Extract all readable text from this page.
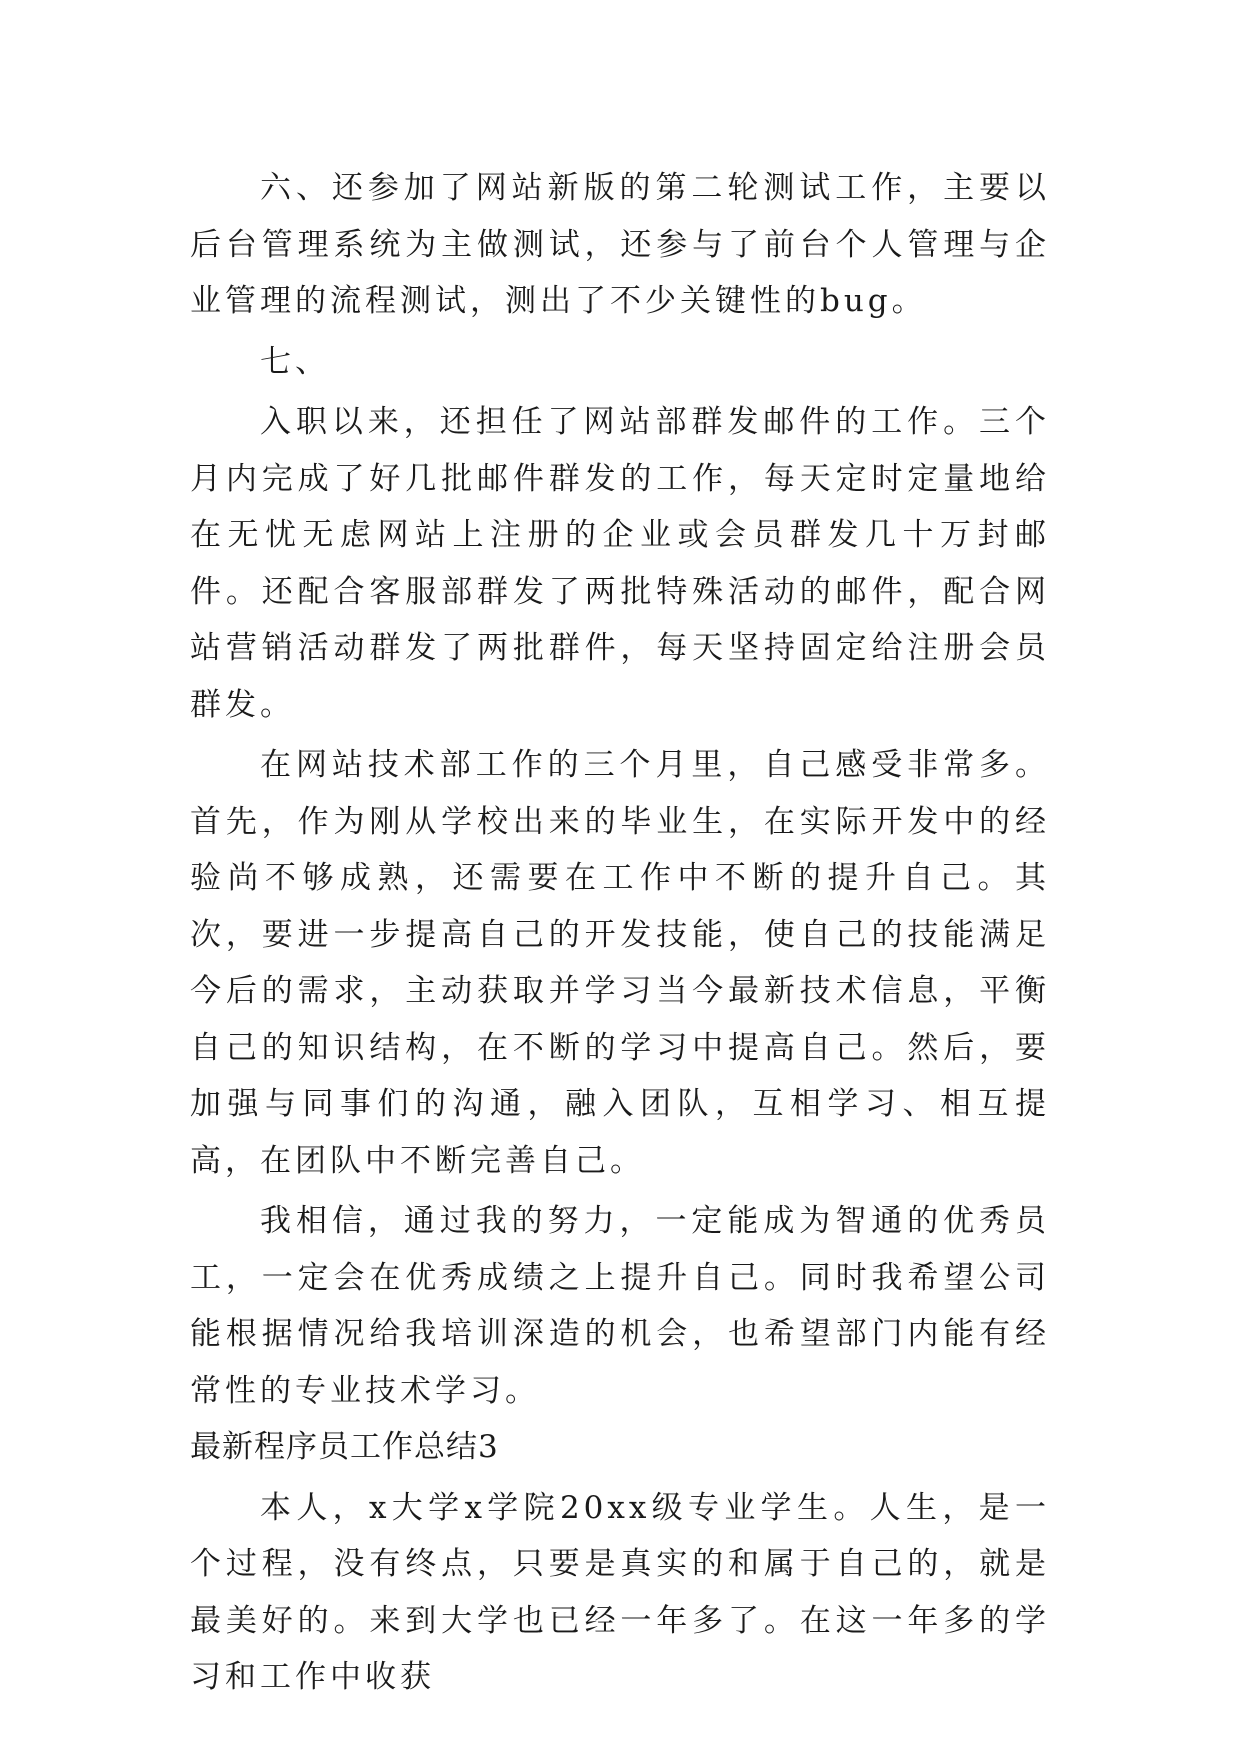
六、还参加了网站新版的第二轮测试工作，主要以后台管理系统为主做测试，还参与了前台个人管理与企业管理的流程测试，测出了不少关键性的bug。

七、

入职以来，还担任了网站部群发邮件的工作。三个月内完成了好几批邮件群发的工作，每天定时定量地给在无忧无虑网站上注册的企业或会员群发几十万封邮件。还配合客服部群发了两批特殊活动的邮件，配合网站营销活动群发了两批群件，每天坚持固定给注册会员群发。

在网站技术部工作的三个月里，自己感受非常多。首先，作为刚从学校出来的毕业生，在实际开发中的经验尚不够成熟，还需要在工作中不断的提升自己。其次，要进一步提高自己的开发技能，使自己的技能满足今后的需求，主动获取并学习当今最新技术信息，平衡自己的知识结构，在不断的学习中提高自己。然后，要加强与同事们的沟通，融入团队，互相学习、相互提高，在团队中不断完善自己。

我相信，通过我的努力，一定能成为智通的优秀员工，一定会在优秀成绩之上提升自己。同时我希望公司能根据情况给我培训深造的机会，也希望部门内能有经常性的专业技术学习。

最新程序员工作总结3

本人，x大学x学院20xx级专业学生。人生，是一个过程，没有终点，只要是真实的和属于自己的，就是最美好的。来到大学也已经一年多了。在这一年多的学习和工作中收获
